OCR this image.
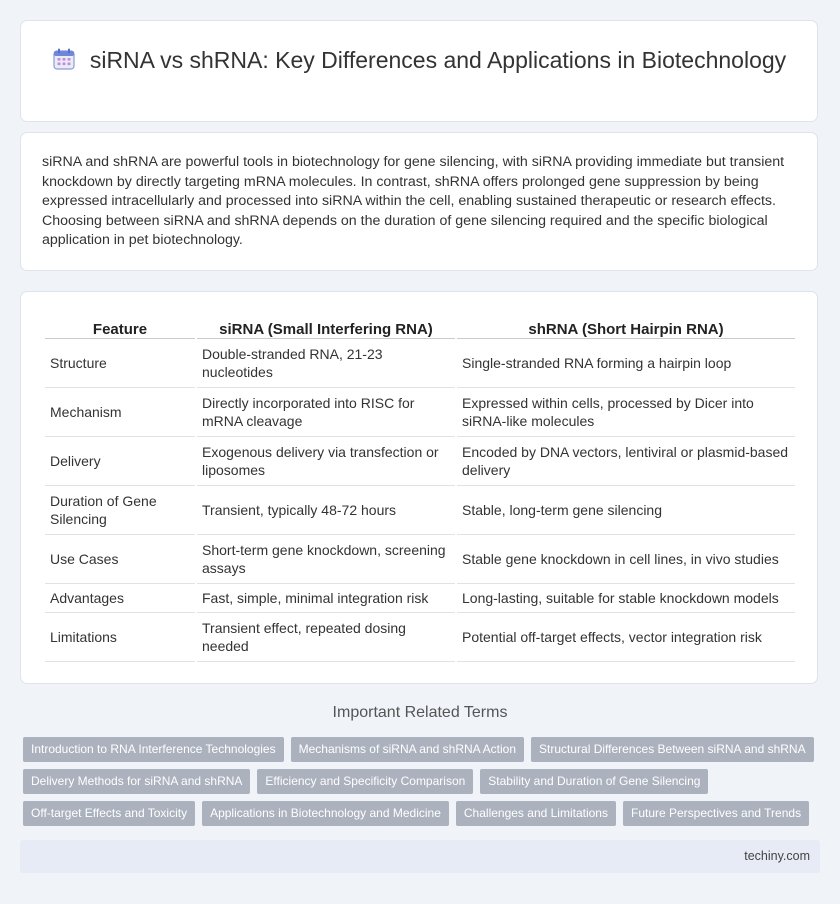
siRNA vs shRNA: Key Differences and Applications in Biotechnology

siRNA and shRNA are powerful tools in biotechnology for gene silencing, with siRNA providing immediate but transient knockdown by directly targeting mRNA molecules. In contrast, shRNA offers prolonged gene suppression by being expressed intracellularly and processed into siRNA within the cell, enabling sustained therapeutic or research effects. Choosing between siRNA and shRNA depends on the duration of gene silencing required and the specific biological application in pet biotechnology.

Feature	siRNA (Small Interfering RNA)	shRNA (Short Hairpin RNA)
Structure	Double-stranded RNA, 21-23 nucleotides	Single-stranded RNA forming a hairpin loop
Mechanism	Directly incorporated into RISC for mRNA cleavage	Expressed within cells, processed by Dicer into siRNA-like molecules
Delivery	Exogenous delivery via transfection or liposomes	Encoded by DNA vectors, lentiviral or plasmid-based delivery
Duration of Gene Silencing	Transient, typically 48-72 hours	Stable, long-term gene silencing
Use Cases	Short-term gene knockdown, screening assays	Stable gene knockdown in cell lines, in vivo studies
Advantages	Fast, simple, minimal integration risk	Long-lasting, suitable for stable knockdown models
Limitations	Transient effect, repeated dosing needed	Potential off-target effects, vector integration risk
Important Related Terms
Introduction to RNA Interference Technologies Mechanisms of siRNA and shRNA Action Structural Differences Between siRNA and shRNADelivery Methods for siRNA and shRNA Efficiency and Specificity Comparison Stability and Duration of Gene SilencingOff-target Effects and Toxicity Applications in Biotechnology and Medicine Challenges and Limitations Future Perspectives and Trends
techiny.com
